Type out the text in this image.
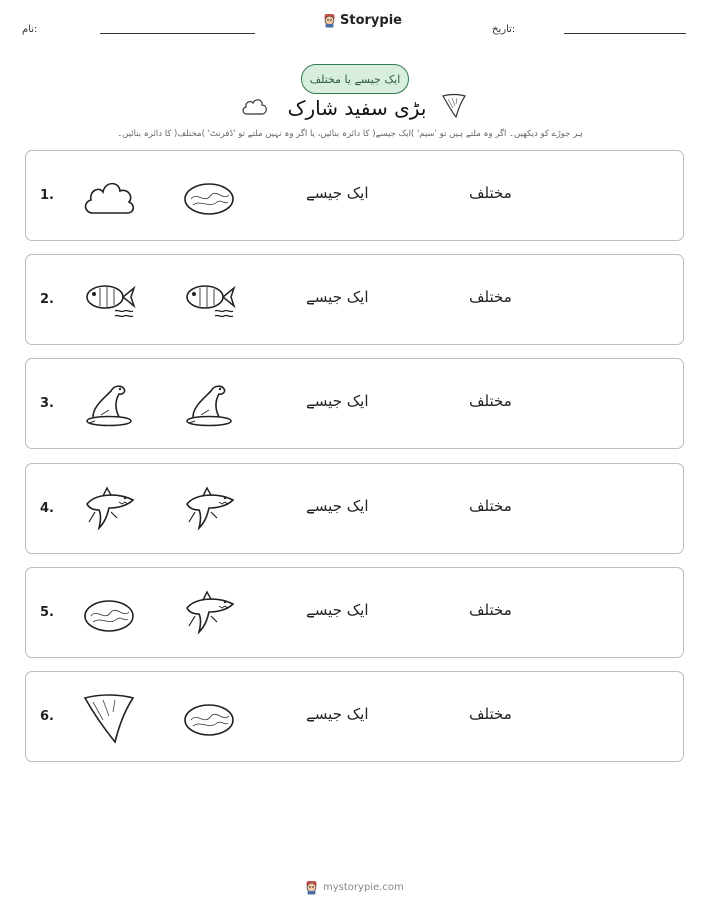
نام:
Storypie
تاریخ:
ایک جیسے یا مختلف
بڑی سفید شارک
ہر جوڑے کو دیکھیں۔ اگر وہ ملتے ہیں تو 'سیم' )ایک جیسے( کا دائرہ بنائیں، یا اگر وہ نہیں ملتے تو 'ڈفرنٹ' )مختلف( کا دائرہ بنائیں۔
1.	ایک جیسے	مختلف
2.	ایک جیسے	مختلف
3.	ایک جیسے	مختلف
4.	ایک جیسے	مختلف
5.	ایک جیسے	مختلف
6.	ایک جیسے	مختلف
mystorypie.com
